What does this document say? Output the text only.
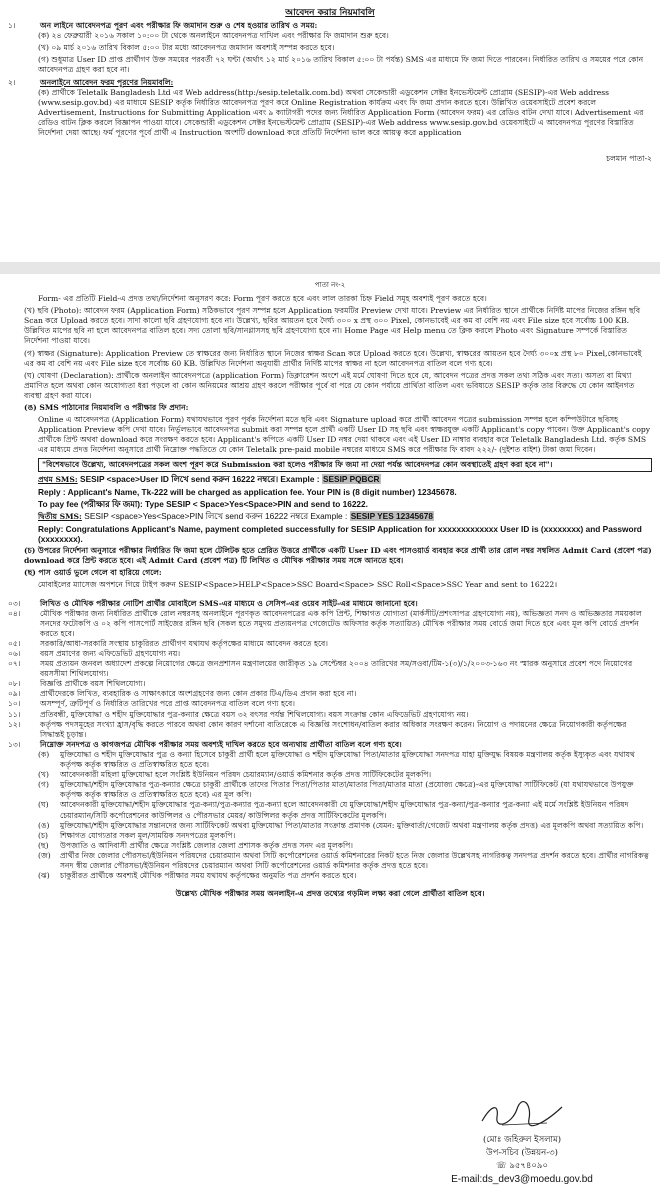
আবেদন করার নিয়মাবলি
১।	অন লাইনে আবেদনপত্র পূরণ এবং পরীক্ষার ফি জমাদান শুরু ও শেষ হওয়ার তারিখ ও সময়:

(ক) ২৪ ফেব্রুয়ারী ২০১৬ সকাল ১০:০০ টা থেকে অনলাইনে আবেদনপত্র দাখিল এবং পরীক্ষার ফি জমাদান শুরু হবে।

(খ) ০৯ মার্চ ২০১৬ তারিখ বিকাল ৫:০০ টার মধ্যে আবেদনপত্র জমাদান অবশ্যই সম্পন্ন করতে হবে।

(গ) শুধুমাত্র User ID প্রাপ্ত প্রার্থীগণ উক্ত সময়ের পরবর্তী ৭২ ঘন্টা (অর্থাৎ ১২ মার্চ ২০১৬ তারিখ বিকাল ৫:০০ টা পর্যন্ত) SMS এর মাধ্যমে ফি জমা দিতে পারবেন। নির্ধারিত তারিখ ও সময়ের পরে কোন আবেদনপত্র গ্রহণ করা হবে না।

২।	অনলাইনে আবেদন ফরম পূরণের নিয়মাবলি:

(ক) প্রার্থীকে Teletalk Bangladesh Ltd এর Web address(http:/sesip.teletalk.com.bd) অথবা সেকেন্ডারী এডুকেশন সেক্টর ইনভেস্টমেন্ট প্রোগ্রাম (SESIP)-এর Web address (www.sesip.gov.bd) এর মাধ্যমে SESIP কর্তৃক নির্ধারিত আবেদনপত্র পূরণ করে Online Registration কার্যক্রম এবং ফি জমা প্রদান করতে হবে। উল্লিখিত ওয়েবসাইটে প্রবেশ করলে Advertisement, Instructions for Submitting Application এবং ৯ ক্যাটাগরী পদের জন্য নির্ধারিত Application Form (আবেদন ফরম) এর রেডিও বাটন দেখা যাবে। Advertisement এর রেডিও বাটন ক্লিক করলে বিজ্ঞাপন পাওয়া যাবে। সেকেন্ডারী এডুকেশন সেক্টর ইনভেস্টমেন্ট প্রোগ্রাম (SESIP)-এর Web address www.sesip.gov.bd ওয়েবসাইটে এ আবেদনপত্র পূরণের বিস্তারিত নির্দেশনা দেয়া আছে। ফর্ম পূরণের পূর্বে প্রার্থী এ Instruction অংশটি download করে প্রতিটি নির্দেশনা ভাল করে আয়ত্ব করে application

চলমান পাতা-২
পাতা নং-২

Form- এর প্রতিটি Field-এ প্রদত্ত তথ্য/নির্দেশনা অনুসরণ করে: Form পূরণ করতে হবে এবং লাল তারকা চিহ্ন Field সমূহ অবশ্যই পূরণ করতে হবে।

(খ) ছবি (Photo): আবেদন ফরম (Application Form) সঠিকভাবে পূরণ সম্পন্ন হলে Application ফরমটির Preview দেখা যাবে। Preview এর নির্ধারিত স্থানে প্রার্থীকে নির্দিষ্ট মাপের নিজের রঙ্গিন ছবি Scan করে Upload করতে হবে। সাদা কালো ছবি গ্রহণযোগ্য হবে না। উল্লেখ্য, ছবির আয়তন হবে দৈর্ঘ্য ৩০০ x প্রস্থ ৩০০ Pixel, কোনভাবেই এর কম বা বেশি নয় এবং File size হবে সর্বোচ্চ 100 KB. উল্লিখিত মাপের ছবি না হলে আবেদনপত্র বাতিল হবে। সদ্য তোলা ছবি/সানগ্লাসসহ ছবি গ্রহণযোগ্য হবে না। Home Page এর Help menu তে ক্লিক করলে Photo এবং Signature সম্পর্কে বিস্তারিত নির্দেশনা পাওয়া যাবে।

(গ) স্বাক্ষর (Signature): Application Preview তে স্বাক্ষরের জন্য নির্ধারিত স্থানে নিজের স্বাক্ষর Scan করে Upload করতে হবে। উল্লেখ্য, স্বাক্ষরের আয়তন হবে দৈর্ঘ্য ৩০০x প্রস্থ ৮০ Pixel,কোনভাবেই এর কম বা বেশি নয় এবং File size হবে সর্বোচ্চ 60 KB. উল্লিখিত নির্দেশনা অনুযায়ী প্রার্থীর নির্দিষ্ট মাপের স্বাক্ষর না হলে আবেদনপত্র বাতিল বলে গণ্য হবে।

(ঘ) ঘোষণা (Declaration): প্রার্থীকে অনলাইন আবেদনপত্রে (application Form) ডিক্লারেশন অংশে এই মর্মে ঘোষণা দিতে হবে যে, আবেদন পত্রের প্রদত্ত সকল তথ্য সঠিক এবং সত্য। অসত্য বা মিথ্যা প্রমাণিত হলে অথবা কোন অযোগ্যতা ধরা পড়লে বা কোন অনিয়মের আশ্রয় গ্রহণ করলে পরীক্ষার পূর্বে বা পরে যে কোন পর্যায়ে প্রার্থিতা বাতিল এবং ভবিষ্যতে SESIP কর্তৃক তার বিরুদ্ধে যে কোন আইনগত ব্যবস্থা গ্রহণ করা যাবে।

(ঙ) SMS পাঠানোর নিয়মাবলি ও পরীক্ষার ফি প্রদান:

Online এ আবেদনপত্র (Application Form) যথাযথভাবে পূরণ পূর্বক নির্দেশনা মতে ছবি এবং Signature upload করে প্রার্থী আবেদন পত্রের submission সম্পন্ন হলে কম্পিউটারে ছবিসহ Application Preview কপি দেখা যাবে। নির্ভুলভাবে আবেদনপত্র submit করা সম্পন্ন হলে প্রার্থী একটি User ID সহ ছবি এবং স্বাক্ষরযুক্ত একটি Applicant's copy পাবেন। উক্ত Applicant's copy প্রার্থীকে প্রিন্ট অথবা download করে সংরক্ষণ করতে হবে। Applicant's কপিতে একটি User ID নম্বর দেয়া থাকবে এবং এই User ID নাম্বার ব্যবহার করে Teletalk Bangladesh Ltd. কর্তৃক SMS এর মাধ্যমে প্রদত্ত নির্দেশনা অনুসারে প্রার্থী নিম্নোক্ত পদ্ধতিতে যে কোন Teletalk pre-paid mobile নম্বরের মাধ্যমে SMS করে পরীক্ষার ফি বাবদ ২২২/- (দুইশত বাইশ) টাকা জমা দিবেন।

"বিশেষভাবে উল্লেখ্য, আবেদনপত্রের সকল অংশ পূরণ করে Submission করা হলেও পরীক্ষার ফি জমা না দেয়া পর্যন্ত আবেদনপত্র কোন অবস্থাতেই গ্রহণ করা হবে না"।

প্রথম SMS: SESIP <space>User ID লিখে send করুন 16222 নম্বরে। Example : SESIP PQBCR

Reply : Applicant's Name, Tk-222 will be charged as application fee. Your PIN is (8 digit number) 12345678.

To pay fee (পরীক্ষার ফি জমা): Type SESIP < Space>Yes<Space>PIN and send to 16222.

দ্বিতীয় SMS: SESIP <space>Yes<Space>PIN লিখে send করুন 16222 নম্বরে Example : SESIP YES 12345678

Reply: Congratulations Applicant's Name, payment completed successfully for SESIP Application for xxxxxxxxxxxxx User ID is (xxxxxxxx) and Password (xxxxxxxx).

(চ) উপরের নির্দেশনা অনুসারে পরীক্ষার নির্ধারিত ফি জমা হলে টেলিটক হতে প্রেরিত উত্তরে প্রার্থীকে একটি User ID এবং পাসওয়ার্ড ব্যবহার করে প্রার্থী তার রোল নম্বর সম্বলিত Admit Card (প্রবেশ পত্র) download করে প্রিন্ট করতে হবে। এই Admit Card (প্রবেশ পত্র) টি লিখিত ও মৌখিক পরীক্ষার সময় সঙ্গে আনতে হবে।

(ছ) পাস ওয়ার্ড ভুলে গেলে বা হারিয়ে গেলে:

মোবাইলের ম্যাসেজ অপশনে গিয়ে টাইপ করুন SESIP<Space>HELP<Space>SSC Board<Space> SSC Roll<Space>SSC Year and sent to 16222।

০৩।	লিখিত ও মৌখিক পরীক্ষার নোটিশ প্রার্থীর মোবাইলে SMS-এর মাধ্যমে ও সেসিপ-এর ওয়েব সাইট-এর মাধ্যমে জানানো হবে।
০৪।	মৌখিক পরীক্ষার জন্য নির্ধারিত প্রার্থীকে রোল নম্বরসহ অনলাইনে পূরণকৃত আবেদনপত্রের এক কপি প্রিন্ট, শিক্ষাগত যোগ্যতা (মার্কসীট/প্রশংসাপত্র গ্রহণযোগ্য নয়), অভিজ্ঞতা সনদ ও অভিজ্ঞতার সময়কাল সনদের ফটোকপি ও ০২ কপি পাসপোর্ট সাইজের রঙ্গিন ছবি (সকল হতে সমুদয় প্রত্যয়নপত্র গেজেটেড অফিসার কর্তৃক সত্যায়িত) মৌখিক পরীক্ষার সময় বোর্ডে জমা দিতে হবে এবং মূল কপি বোর্ডে প্রদর্শন করতে হবে।
০৫।	সরকারি/আধা-সরকারি সংস্থায় চাকুরিরত প্রার্থীগণ যথাযথ কর্তৃপক্ষের মাধ্যমে আবেদন করতে হবে।
০৬।	বয়স প্রমাণের জন্য এফিডেভিট গ্রহণযোগ্য নয়।
০৭।	সময় প্রত্যয়ন জনবল অধ্যাদেশ প্রকল্পে নিয়োগের ক্ষেত্রে জনপ্রশাসন মন্ত্রণালয়ের জারীকৃত ১৯ সেপ্টেম্বর ২০০৪ তারিখের সম/সওবা/টিম-১(৩)/১/২০০৩-১৬৩ নং স্মারক অনুসারে প্রবেশ পদে নিয়োগের বয়সসীমা শিথিলযোগ্য।
০৮।	বিজ্ঞপ্তি প্রার্থীকে বয়স শিথিলযোগ্য।
০৯।	প্রার্থীদেরকে লিখিত, ব্যবহারিক ও সাক্ষাৎকারে অংশগ্রহণের জন্য কোন প্রকার টিএ/ডিএ প্রদান করা হবে না।
১০।	অসম্পূর্ণ, ত্রুটিপূর্ণ ও নির্ধারিত তারিখের পরে প্রাপ্ত আবেদনপত্র বাতিল বলে গণ্য হবে।
১১।	প্রতিবন্ধী, মুক্তিযোদ্ধা ও শহীদ মুক্তিযোদ্ধার পুত্র-কন্যার ক্ষেত্রে বয়স ৩২ বৎসর পর্যন্ত শিথিলযোগ্য। বয়স সংক্রান্ত কোন এফিডেভিট গ্রহণযোগ্য নয়।
১২।	কর্তৃপক্ষ পদসমূহের সংখ্যা হ্রাস/বৃদ্ধি করতে পারবে অথবা কোন কারণ দর্শানো ব্যতিরেকে এ বিজ্ঞপ্তি সংশোধন/বাতিল করার অধিকার সংরক্ষণ করেন। নিয়োগ ও পদায়নের ক্ষেত্রে নিয়োগকারী কর্তৃপক্ষের সিদ্ধান্তই চূড়ান্ত।
১৩।	নিম্নোক্ত সনদপত্র ও কাগজপত্র মৌখিক পরীক্ষার সময় অবশ্যই দাখিল করতে হবে অন্যথায় প্রার্থীতা বাতিল বলে গণ্য হবে।
(ক)	মুক্তিযোদ্ধা ও শহীদ মুক্তিযোদ্ধার পুত্র ও কন্যা হিসেবে চাকুরী প্রার্থী হলে মুক্তিযোদ্ধা ও শহীদ মুক্তিযোদ্ধা পিতা/মাতার মুক্তিযোদ্ধা সনদপত্র যাহা মুক্তিযুদ্ধ বিষয়ক মন্ত্রণালয় কর্তৃক ইস্যুকৃত এবং যথাযথ কর্তৃপক্ষ কর্তৃক স্বাক্ষরিত ও প্রতিস্বাক্ষরিত হতে হবে।
(খ)	আবেদনকারী মহিলা মুক্তিযোদ্ধা হলে সংশ্লিষ্ট ইউনিয়ন পরিষদ চেয়ারম্যান/ওয়ার্ড কমিশনার কর্তৃক প্রদত্ত সার্টিফিকেটের মূলকপি।
(গ)	মুক্তিযোদ্ধা/শহীদ মুক্তিযোদ্ধার পুত্র-কন্যার ক্ষেত্রে চাকুরী প্রার্থীকে তাদের পিতার পিতা/পিতার মাতা/মাতার পিতা/মাতার মাতা (প্রযোজ্য ক্ষেত্রে)-এর মুক্তিযোদ্ধা সার্টিফিকেট (যা যথাযথভাবে উপযুক্ত কর্তৃপক্ষ কর্তৃক স্বাক্ষরিত ও প্রতিস্বাক্ষরিত হতে হবে) এর মূল কপি।
(ঘ)	আবেদনকারী মুক্তিযোদ্ধা/শহীদ মুক্তিযোদ্ধার পুত্র-কন্যা/পুত্র-কন্যার পুত্র-কন্যা হলে আবেদনকারী যে মুক্তিযোদ্ধা/শহীদ মুক্তিযোদ্ধার পুত্র-কন্যা/পুত্র-কন্যার পুত্র-কন্যা এই মর্মে সংশ্লিষ্ট ইউনিয়ন পরিষদ চেয়ারম্যান/সিটি কর্পোরেশনের কাউন্সিলর ও পৌরসভার মেয়র/ কাউন্সিলর কর্তৃক প্রদত্ত সার্টিফিকেটের মূলকপি।
(ঙ)	মুক্তিযোদ্ধা/শহীদ মুক্তিযোদ্ধার সন্তানদের জন্য সার্টিফিকেট অথবা মুক্তিযোদ্ধা পিতা/মাতার সংক্রান্ত প্রমাণক (যেমন: মুক্তিবার্তা/গেজেট অথবা মন্ত্রণালয় কর্তৃক প্রদত্ত) এর মূলকপি অথবা সত্যায়িত কপি।
(চ)	শিক্ষাগত যোগ্যতার সকল মূল/সাময়িক সনদপত্রের মূলকপি।
(ছ)	উপজাতি ও আদিবাসী প্রার্থীর ক্ষেত্রে সংশ্লিষ্ট জেলার জেলা প্রশাসক কর্তৃক প্রদত্ত সনদ এর মূলকপি।
(জ)	প্রার্থীর নিজ জেলার পৌরসভা/ইউনিয়ন পরিষদের চেয়ারম্যান অথবা সিটি কর্পোরেশনের ওয়ার্ড কমিশনারের নিকট হতে নিজ জেলার উল্লেখসহ নাগরিকত্ব সনদপত্র প্রদর্শন করতে হবে। প্রার্থীর নাগরিকত্ব সনদ স্বীয় জেলার পৌরসভা/ইউনিয়ন পরিষদের চেয়ারম্যান অথবা সিটি কর্পোরেশনের ওয়ার্ড কমিশনার কর্তৃক প্রদত্ত হতে হবে।
(ঝ)	চাকুরীরত প্রার্থীকে অবশ্যই মৌখিক পরীক্ষার সময় যথাযথ কর্তৃপক্ষের অনুমতি পত্র প্রদর্শন করতে হবে।

উল্লেখ্য মৌখিক পরীক্ষার সময় অনলাইন-এ প্রদত্ত তথ্যের গড়মিল লক্ষ্য করা গেলে প্রার্থীতা বাতিল হবে।

(মোঃ জহিরুল ইসলাম)
উপ-সচিব (উন্নয়ন-৩)
☏ ৯৫৭৪০৯০
E-mail:ds_dev3@moedu.gov.bd
